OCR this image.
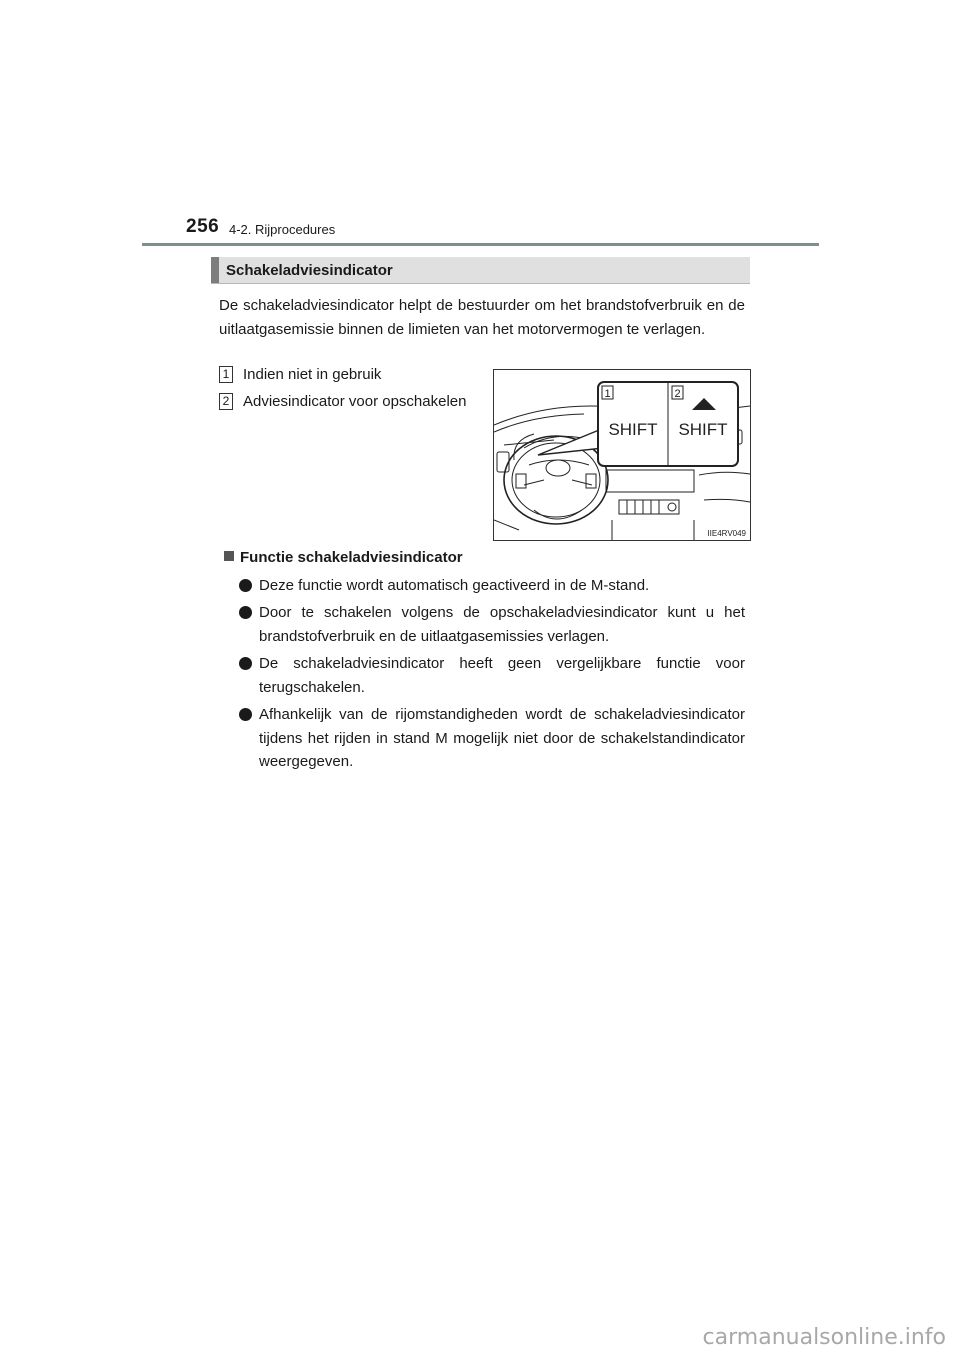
256 4-2. Rijprocedures
Schakeladviesindicator
De schakeladviesindicator helpt de bestuurder om het brandstofverbruik en de uitlaatgasemissie binnen de limieten van het motorvermogen te verlagen.
1 Indien niet in gebruik
2 Adviesindicator voor opschakelen	1	2
SHIFT SHIFT
IIE4RV049
Functie schakeladviesindicator
Deze functie wordt automatisch geactiveerd in de M-stand.
Door te schakelen volgens de opschakeladviesindicator kunt u het brandstofverbruik en de uitlaatgasemissies verlagen.
De schakeladviesindicator heeft geen vergelijkbare functie voor terugschakelen.
Afhankelijk van de rijomstandigheden wordt de schakeladviesindicator tijdens het rijden in stand M mogelijk niet door de schakelstandindicator weergegeven.
carmanualsonline.info
